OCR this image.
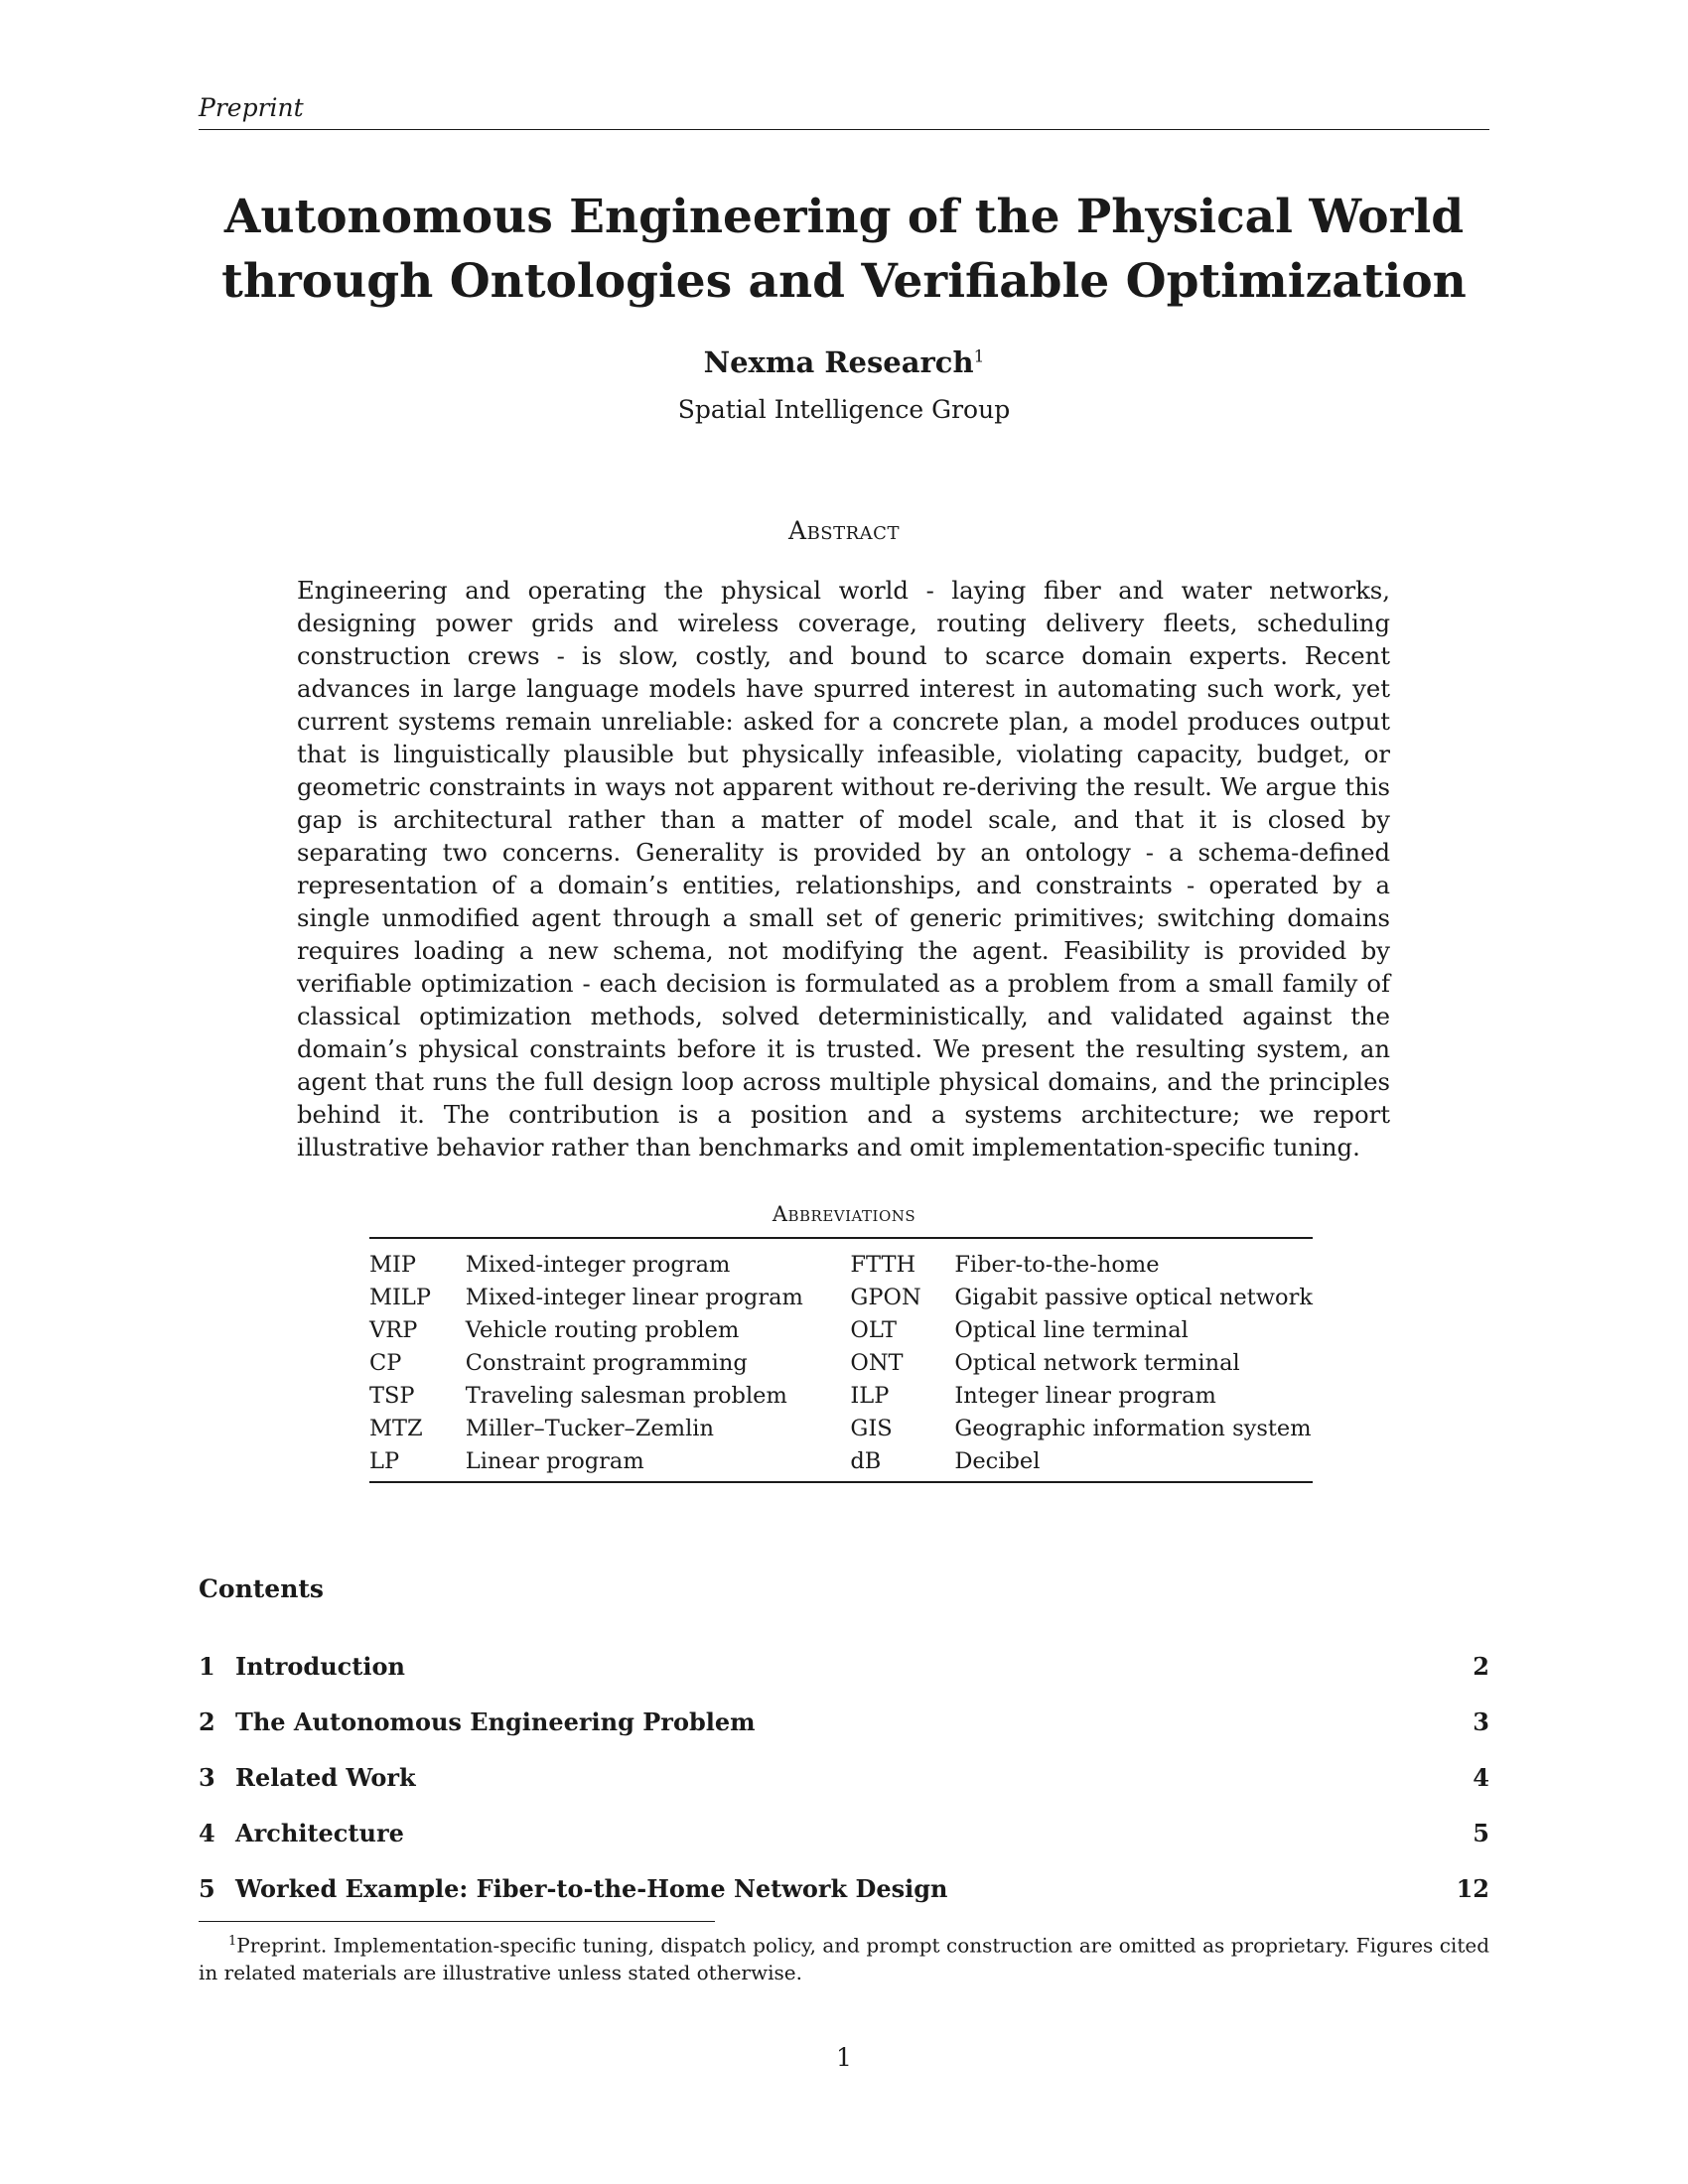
Preprint
Autonomous Engineering of the Physical World
through Ontologies and Verifiable Optimization
Nexma Research$^1$
Spatial Intelligence Group
Abstract

Engineering and operating the physical world - laying fiber and water networks, designing power grids and wireless coverage, routing delivery fleets, scheduling construction crews - is slow, costly, and bound to scarce domain experts. Recent advances in large language models have spurred interest in automating such work, yet current systems remain unreliable: asked for a concrete plan, a model produces output that is linguistically plausible but physically infeasible, violating capacity, budget, or geometric constraints in ways not apparent without re-deriving the result. We argue this gap is architectural rather than a matter of model scale, and that it is closed by separating two concerns. Generality is provided by an ontology - a schema-defined representation of a domain’s entities, relationships, and constraints - operated by a single unmodified agent through a small set of generic primitives; switching domains requires loading a new schema, not modifying the agent. Feasibility is provided by verifiable optimization - each decision is formulated as a problem from a small family of classical optimization methods, solved deterministically, and validated against the domain’s physical constraints before it is trusted. We present the resulting system, an agent that runs the full design loop across multiple physical domains, and the principles behind it. The contribution is a position and a systems architecture; we report illustrative behavior rather than benchmarks and omit implementation-specific tuning.

Abbreviations
MIP	Mixed-integer program	FTTH	Fiber-to-the-home
MILP	Mixed-integer linear program	GPON	Gigabit passive optical network
VRP	Vehicle routing problem	OLT	Optical line terminal
CP	Constraint programming	ONT	Optical network terminal
TSP	Traveling salesman problem	ILP	Integer linear program
MTZ	Miller–Tucker–Zemlin	GIS	Geographic information system
LP	Linear program	dB	Decibel
Contents
1 Introduction	2
2 The Autonomous Engineering Problem	3
3 Related Work	4
4 Architecture	5
5 Worked Example: Fiber-to-the-Home Network Design	12

$^1$Preprint. Implementation-specific tuning, dispatch policy, and prompt construction are omitted as proprietary. Figures cited in related materials are illustrative unless stated otherwise.

1
